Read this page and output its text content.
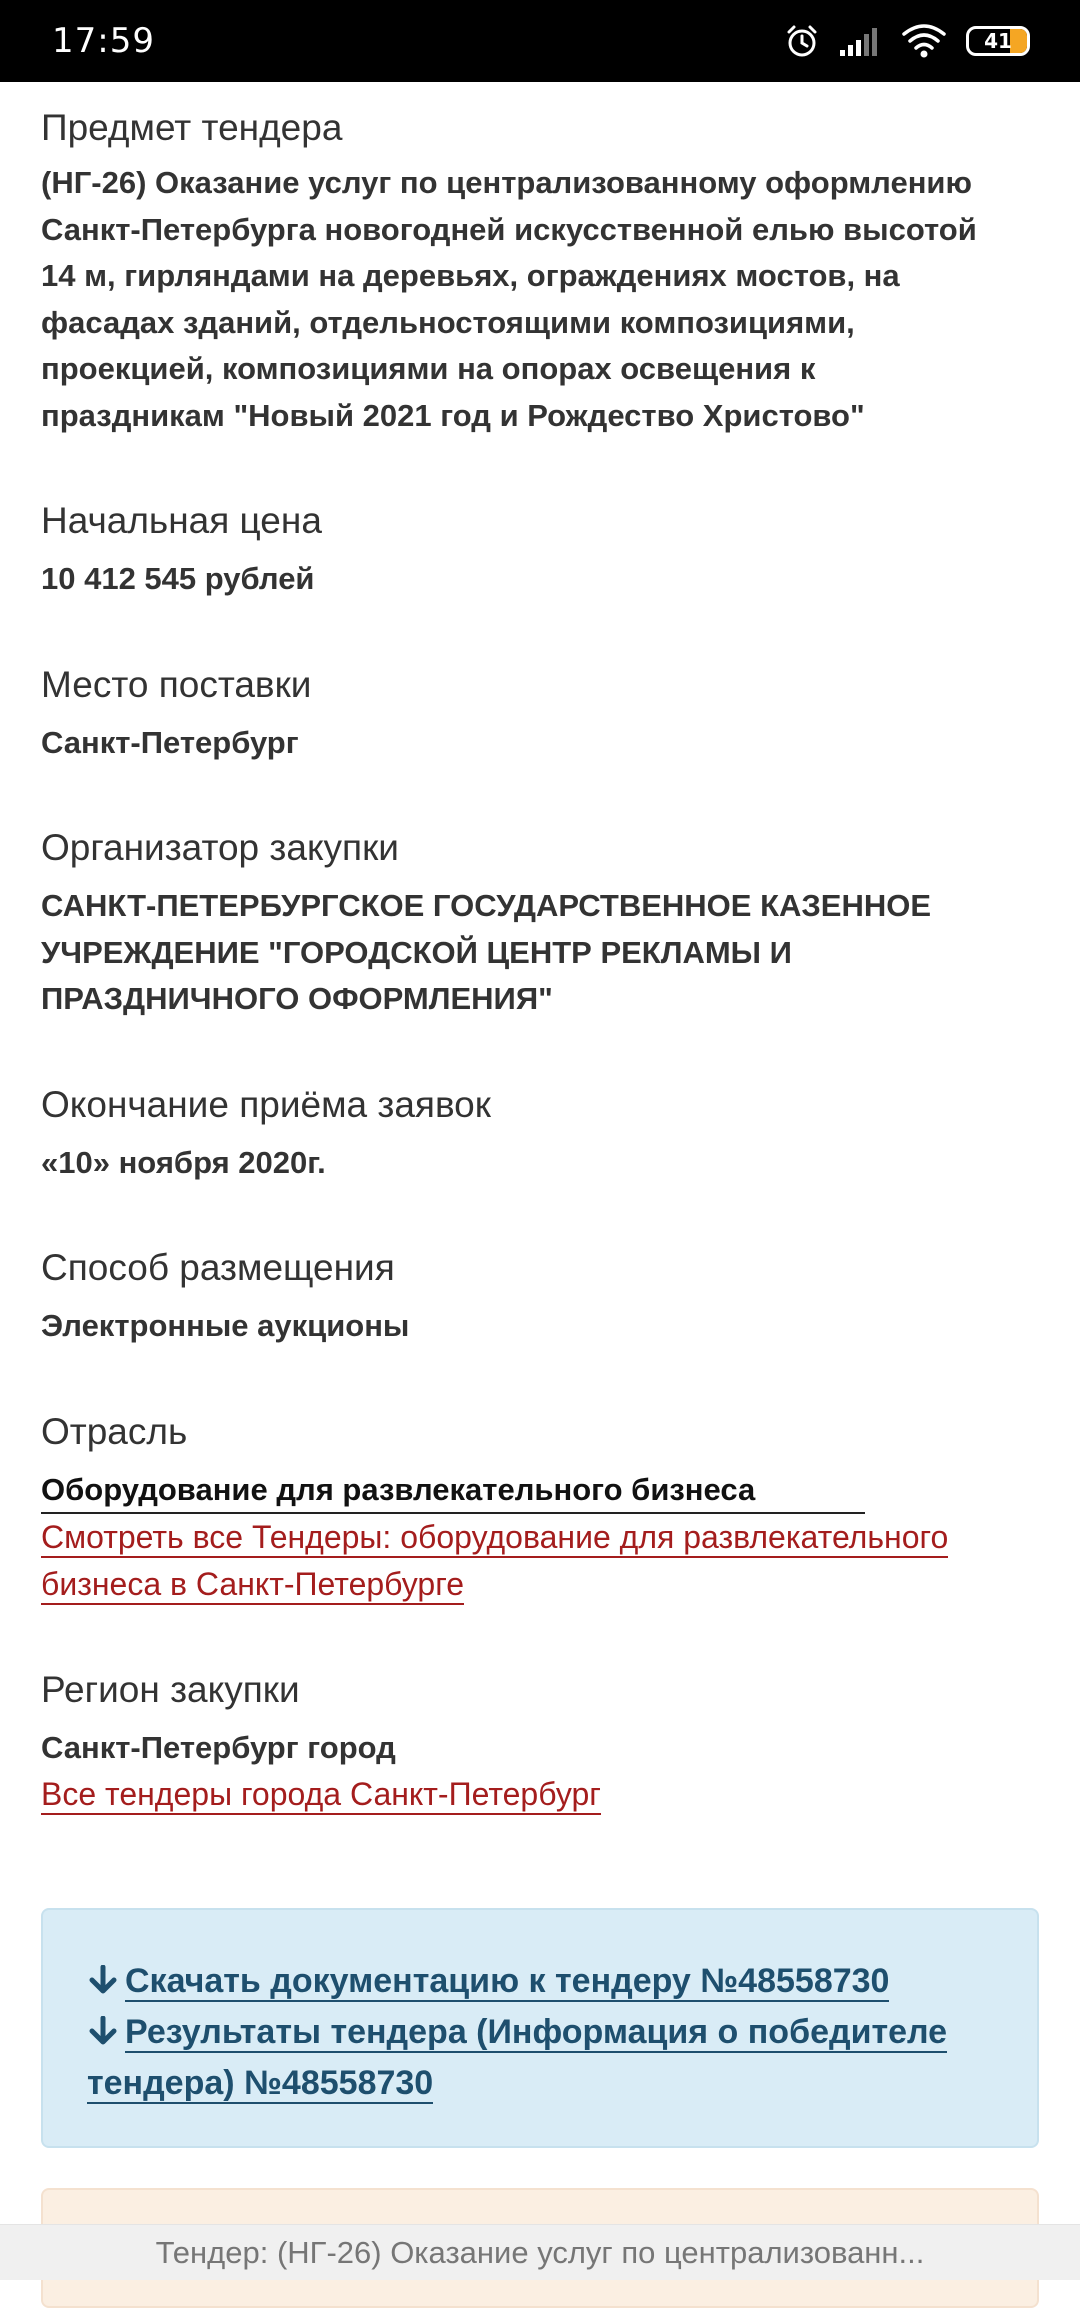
17:59	41
Предмет тендера
(НГ-26) Оказание услуг по централизованному оформлению
Санкт-Петербурга новогодней искусственной елью высотой
14 м, гирляндами на деревьях, ограждениях мостов, на
фасадах зданий, отдельностоящими композициями,
проекцией, композициями на опорах освещения к
праздникам "Новый 2021 год и Рождество Христово"
Начальная цена
10 412 545 рублей
Место поставки
Санкт-Петербург
Организатор закупки
САНКТ-ПЕТЕРБУРГСКОЕ ГОСУДАРСТВЕННОЕ КАЗЕННОЕ
УЧРЕЖДЕНИЕ "ГОРОДСКОЙ ЦЕНТР РЕКЛАМЫ И
ПРАЗДНИЧНОГО ОФОРМЛЕНИЯ"
Окончание приёма заявок
«10» ноября 2020г.
Способ размещения
Электронные аукционы
Отрасль
Оборудование для развлекательного бизнеса
Смотреть все Тендеры: оборудование для развлекательного
бизнеса в Санкт-Петербурге
Регион закупки
Санкт-Петербург город
Все тендеры города Санкт-Петербург
Скачать документацию к тендеру №48558730
Результаты тендера (Информация о победителе
тендера) №48558730
Тендер: (НГ-26) Оказание услуг по централизованн...
